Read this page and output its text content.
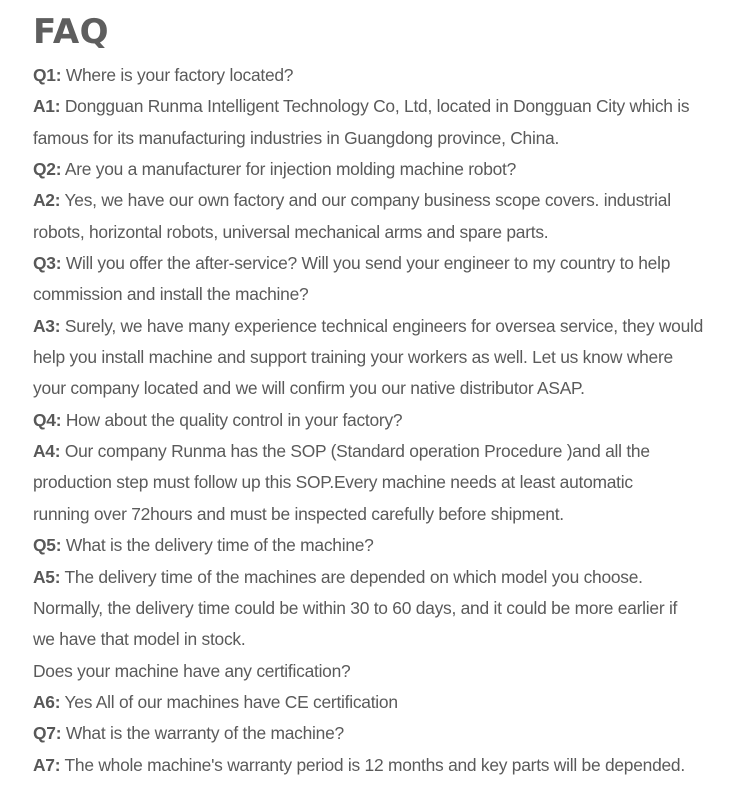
FAQ

Q1: Where is your factory located?

A1: Dongguan Runma Intelligent Technology Co, Ltd, located in Dongguan City which is

famous for its manufacturing industries in Guangdong province, China.

Q2: Are you a manufacturer for injection molding machine robot?

A2: Yes, we have our own factory and our company business scope covers. industrial

robots, horizontal robots, universal mechanical arms and spare parts.

Q3: Will you offer the after-service? Will you send your engineer to my country to help

commission and install the machine?

A3: Surely, we have many experience technical engineers for oversea service, they would

help you install machine and support training your workers as well. Let us know where

your company located and we will confirm you our native distributor ASAP.

Q4: How about the quality control in your factory?

A4: Our company Runma has the SOP (Standard operation Procedure )and all the

production step must follow up this SOP.Every machine needs at least automatic

running over 72hours and must be inspected carefully before shipment.

Q5: What is the delivery time of the machine?

A5: The delivery time of the machines are depended on which model you choose.

Normally, the delivery time could be within 30 to 60 days, and it could be more earlier if

we have that model in stock.

Does your machine have any certification?

A6: Yes All of our machines have CE certification

Q7: What is the warranty of the machine?

A7: The whole machine's warranty period is 12 months and key parts will be depended.
